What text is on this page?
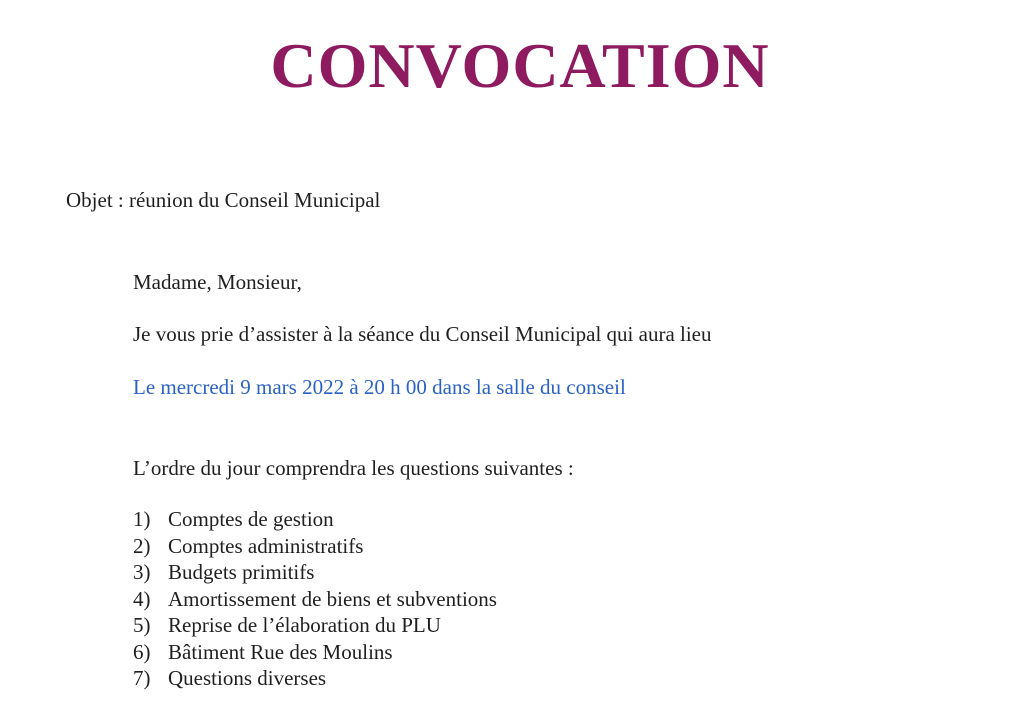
CONVOCATION
Objet : réunion du Conseil Municipal
Madame, Monsieur,
Je vous prie d’assister à la séance du Conseil Municipal qui aura lieu
Le mercredi 9 mars 2022 à 20 h 00 dans la salle du conseil
L’ordre du jour comprendra les questions suivantes :
1) Comptes de gestion
2) Comptes administratifs
3) Budgets primitifs
4) Amortissement de biens et subventions
5) Reprise de l’élaboration du PLU
6) Bâtiment Rue des Moulins
7) Questions diverses
